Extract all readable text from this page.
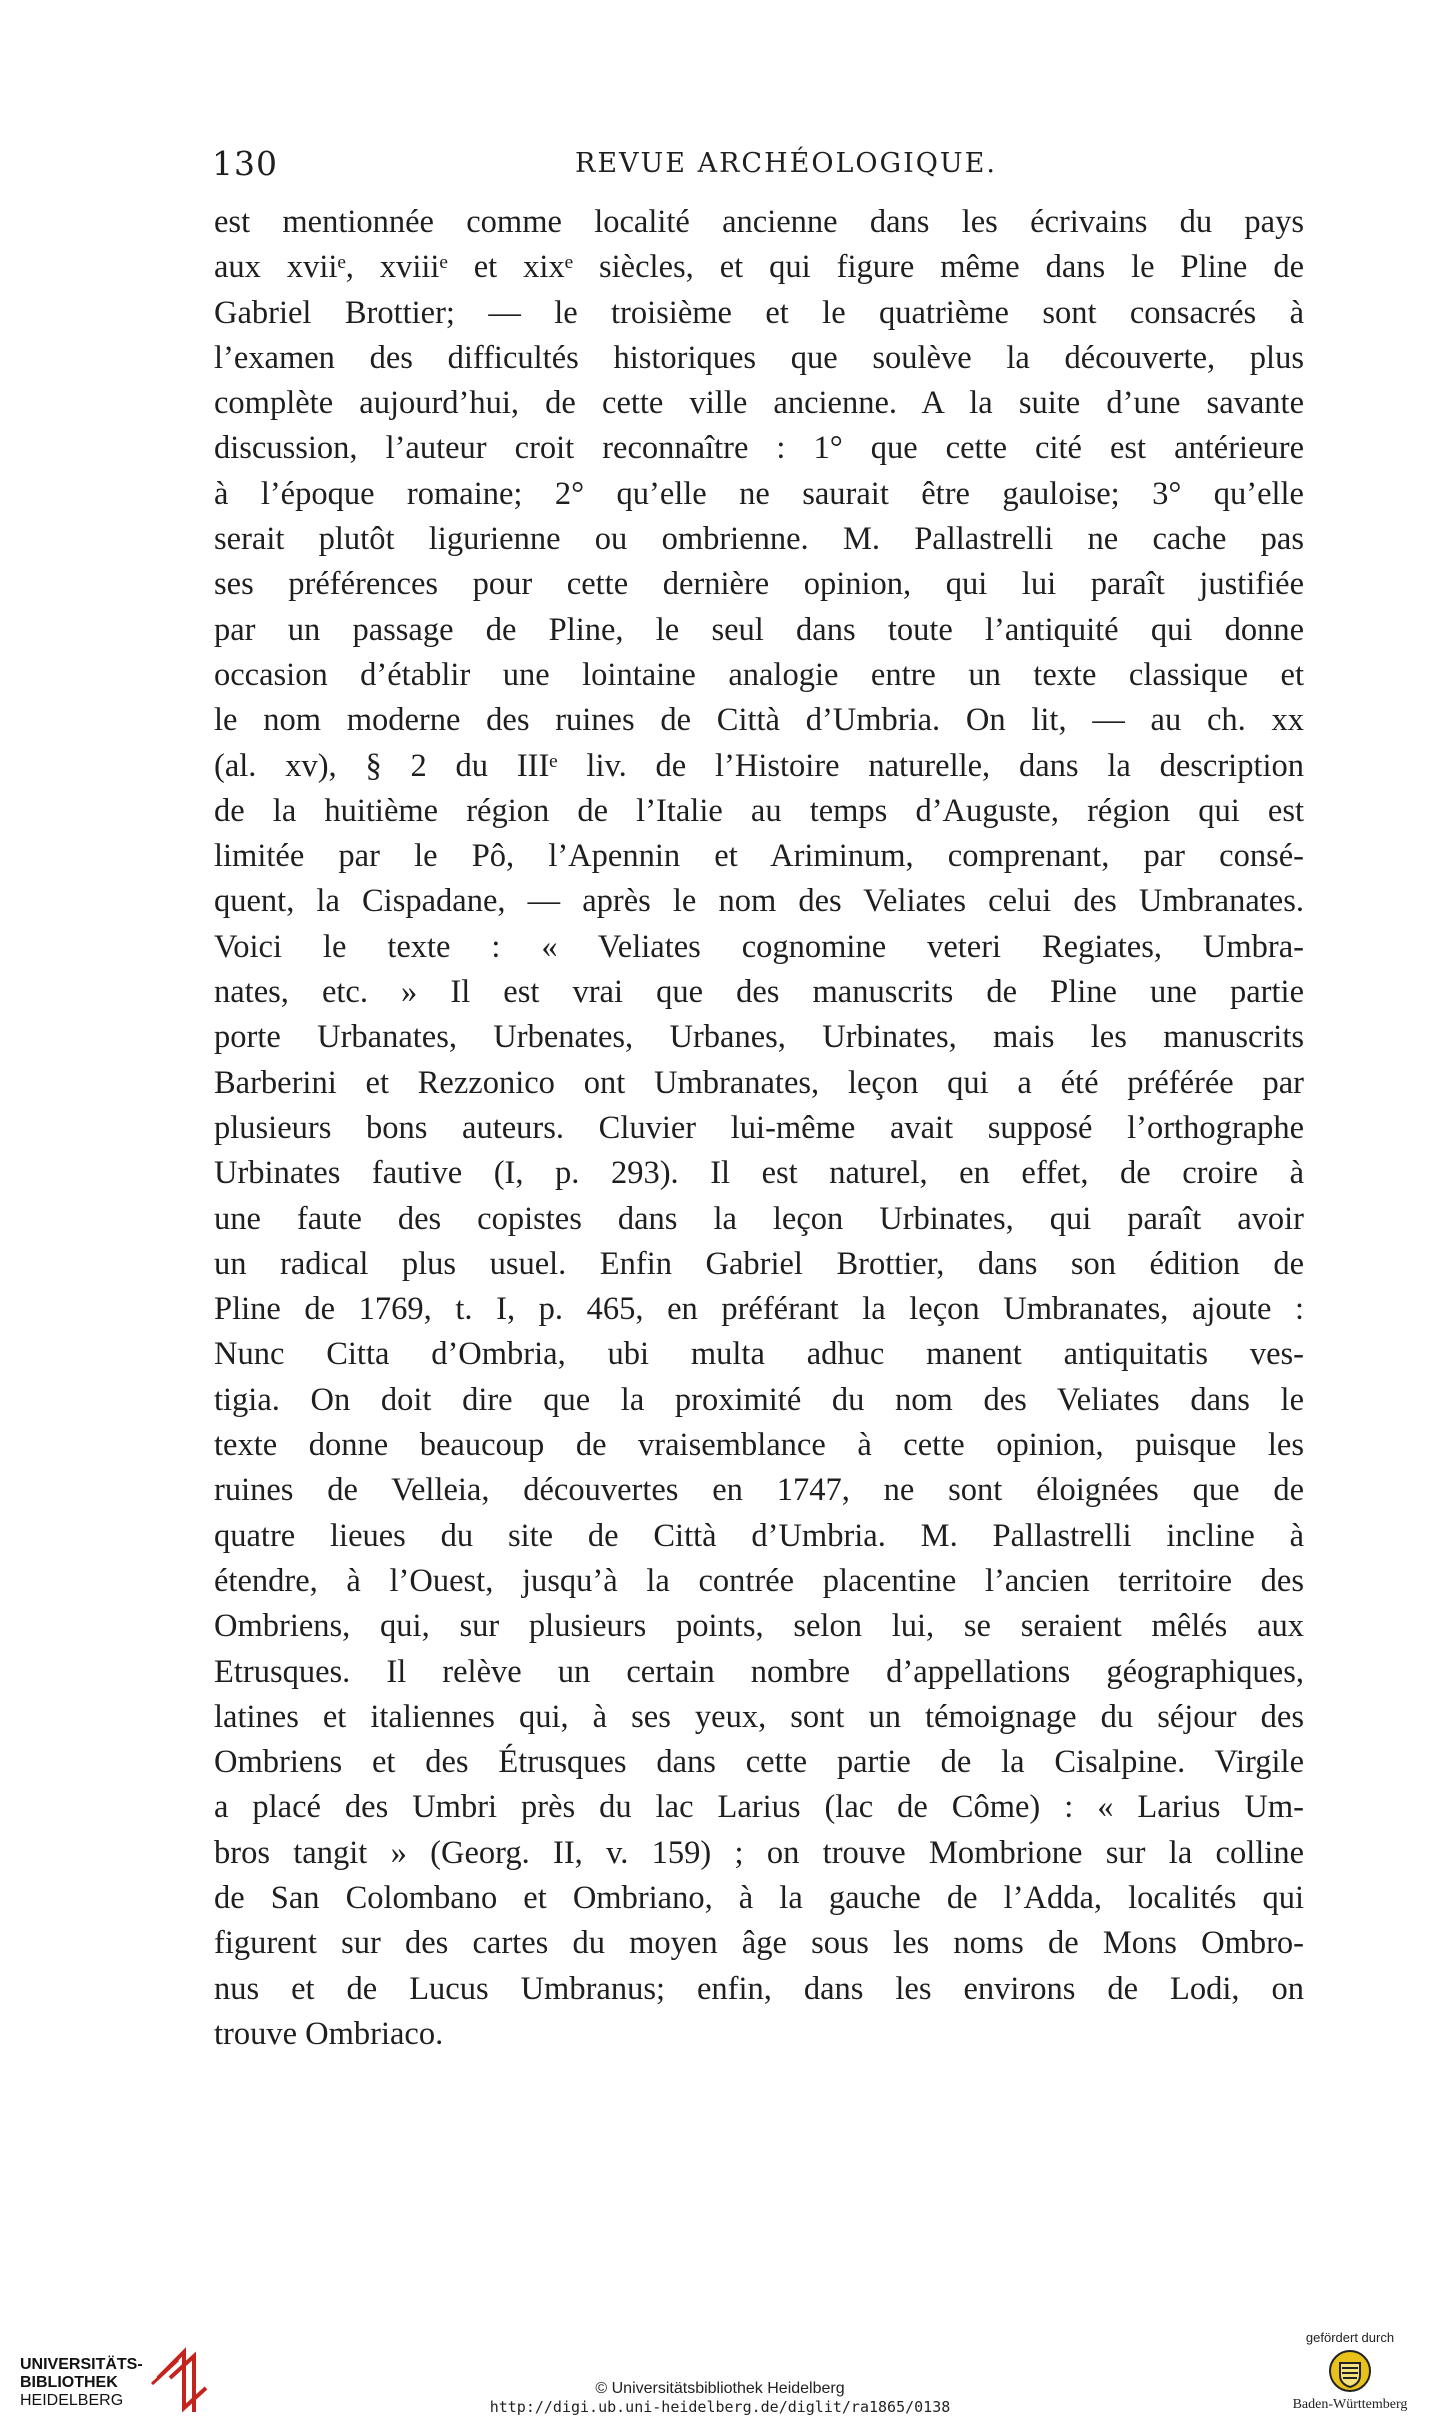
130	REVUE ARCHÉOLOGIQUE.
est mentionnée comme localité ancienne dans les écrivains du pays
aux xviiᵉ, xviiiᵉ et xixᵉ siècles, et qui figure même dans le Pline de
Gabriel Brottier; — le troisième et le quatrième sont consacrés à
l’examen des difficultés historiques que soulève la découverte, plus
complète aujourd’hui, de cette ville ancienne. A la suite d’une savante
discussion, l’auteur croit reconnaître : 1° que cette cité est antérieure
à l’époque romaine; 2° qu’elle ne saurait être gauloise; 3° qu’elle
serait plutôt ligurienne ou ombrienne. M. Pallastrelli ne cache pas
ses préférences pour cette dernière opinion, qui lui paraît justifiée
par un passage de Pline, le seul dans toute l’antiquité qui donne
occasion d’établir une lointaine analogie entre un texte classique et
le nom moderne des ruines de Città d’Umbria. On lit, — au ch. xx
(al. xv), § 2 du IIIᵉ liv. de l’Histoire naturelle, dans la description
de la huitième région de l’Italie au temps d’Auguste, région qui est
limitée par le Pô, l’Apennin et Ariminum, comprenant, par consé-
quent, la Cispadane, — après le nom des Veliates celui des Umbranates.
Voici le texte : « Veliates cognomine veteri Regiates, Umbra-
nates, etc. » Il est vrai que des manuscrits de Pline une partie
porte Urbanates, Urbenates, Urbanes, Urbinates, mais les manuscrits
Barberini et Rezzonico ont Umbranates, leçon qui a été préférée par
plusieurs bons auteurs. Cluvier lui-même avait supposé l’orthographe
Urbinates fautive (I, p. 293). Il est naturel, en effet, de croire à
une faute des copistes dans la leçon Urbinates, qui paraît avoir
un radical plus usuel. Enfin Gabriel Brottier, dans son édition de
Pline de 1769, t. I, p. 465, en préférant la leçon Umbranates, ajoute :
Nunc Citta d’Ombria, ubi multa adhuc manent antiquitatis ves-
tigia. On doit dire que la proximité du nom des Veliates dans le
texte donne beaucoup de vraisemblance à cette opinion, puisque les
ruines de Velleia, découvertes en 1747, ne sont éloignées que de
quatre lieues du site de Città d’Umbria. M. Pallastrelli incline à
étendre, à l’Ouest, jusqu’à la contrée placentine l’ancien territoire des
Ombriens, qui, sur plusieurs points, selon lui, se seraient mêlés aux
Etrusques. Il relève un certain nombre d’appellations géographiques,
latines et italiennes qui, à ses yeux, sont un témoignage du séjour des
Ombriens et des Étrusques dans cette partie de la Cisalpine. Virgile
a placé des Umbri près du lac Larius (lac de Côme) : « Larius Um-
bros tangit » (Georg. II, v. 159) ; on trouve Mombrione sur la colline
de San Colombano et Ombriano, à la gauche de l’Adda, localités qui
figurent sur des cartes du moyen âge sous les noms de Mons Ombro-
nus et de Lucus Umbranus; enfin, dans les environs de Lodi, on
trouve Ombriaco.
UNIVERSITÄTS-
BIBLIOTHEK
HEIDELBERG
© Universitätsbibliothek Heidelberg
http://digi.ub.uni-heidelberg.de/diglit/ra1865/0138
gefördert durch
Baden-Württemberg
